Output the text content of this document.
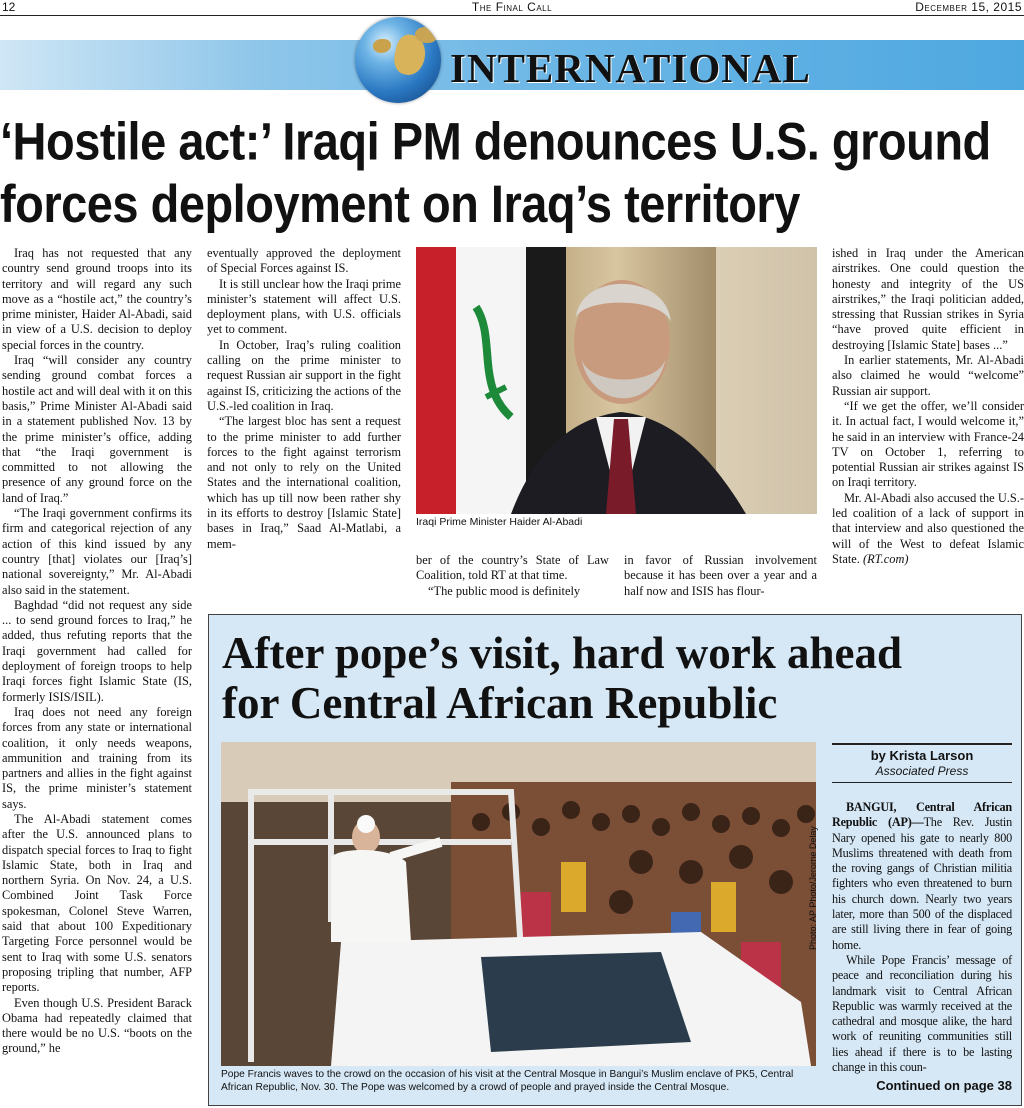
12	The Final Call	December 15, 2015
INTERNATIONAL
‘Hostile act:’ Iraqi PM denounces U.S. ground forces deployment on Iraq’s territory

Iraq has not requested that any country send ground troops into its territory and will regard any such move as a “hostile act,” the country’s prime minister, Haider Al-Abadi, said in view of a U.S. decision to deploy special forces in the country.

Iraq “will consider any country sending ground combat forces a hostile act and will deal with it on this basis,” Prime Minister Al-Abadi said in a statement published Nov. 13 by the prime minister’s office, adding that “the Iraqi government is committed to not allowing the presence of any ground force on the land of Iraq.”

“The Iraqi government confirms its firm and categorical rejection of any action of this kind issued by any country [that] violates our [Iraq’s] national sovereignty,” Mr. Al-Abadi also said in the statement.

Baghdad “did not request any side ... to send ground forces to Iraq,” he added, thus refuting reports that the Iraqi government had called for deployment of foreign troops to help Iraqi forces fight Islamic State (IS, formerly ISIS/ISIL).

Iraq does not need any foreign forces from any state or international coalition, it only needs weapons, ammunition and training from its partners and allies in the fight against IS, the prime minister’s statement says.

The Al-Abadi statement comes after the U.S. announced plans to dispatch special forces to Iraq to fight Islamic State, both in Iraq and northern Syria. On Nov. 24, a U.S. Combined Joint Task Force spokesman, Colonel Steve Warren, said that about 100 Expeditionary Targeting Force personnel would be sent to Iraq with some U.S. senators proposing tripling that number, AFP reports.

Even though U.S. President Barack Obama had repeatedly claimed that there would be no U.S. “boots on the ground,” he

eventually approved the deployment of Special Forces against IS.

It is still unclear how the Iraqi prime minister’s statement will affect U.S. deployment plans, with U.S. officials yet to comment.

In October, Iraq’s ruling coalition calling on the prime minister to request Russian air support in the fight against IS, criticizing the actions of the U.S.-led coalition in Iraq.

“The largest bloc has sent a request to the prime minister to add further forces to the fight against terrorism and not only to rely on the United States and the international coalition, which has up till now been rather shy in its efforts to destroy [Islamic State] bases in Iraq,” Saad Al-Matlabi, a mem-

Iraqi Prime Minister Haider Al-Abadi

ber of the country’s State of Law Coalition, told RT at that time.

“The public mood is definitely

in favor of Russian involvement because it has been over a year and a half now and ISIS has flour-

ished in Iraq under the American airstrikes. One could question the honesty and integrity of the US airstrikes,” the Iraqi politician added, stressing that Russian strikes in Syria “have proved quite efficient in destroying [Islamic State] bases ...”

In earlier statements, Mr. Al-Abadi also claimed he would “welcome” Russian air support.

“If we get the offer, we’ll consider it. In actual fact, I would welcome it,” he said in an interview with France-24 TV on October 1, referring to potential Russian air strikes against IS on Iraqi territory.

Mr. Al-Abadi also accused the U.S.-led coalition of a lack of support in that interview and also questioned the will of the West to defeat Islamic State. (RT.com)

After pope’s visit, hard work ahead
for Central African Republic
Photo: AP Photo/Jerome Delay
Pope Francis waves to the crowd on the occasion of his visit at the Central Mosque in Bangui’s Muslim enclave of PK5, Central African Republic, Nov. 30. The Pope was welcomed by a crowd of people and prayed inside the Central Mosque.
by Krista Larson
Associated Press

BANGUI, Central African Republic (AP)—The Rev. Justin Nary opened his gate to nearly 800 Muslims threatened with death from the roving gangs of Christian militia fighters who even threatened to burn his church down. Nearly two years later, more than 500 of the displaced are still living there in fear of going home.

While Pope Francis’ message of peace and reconciliation during his landmark visit to Central African Republic was warmly received at the cathedral and mosque alike, the hard work of reuniting communities still lies ahead if there is to be lasting change in this coun-

Continued on page 38
